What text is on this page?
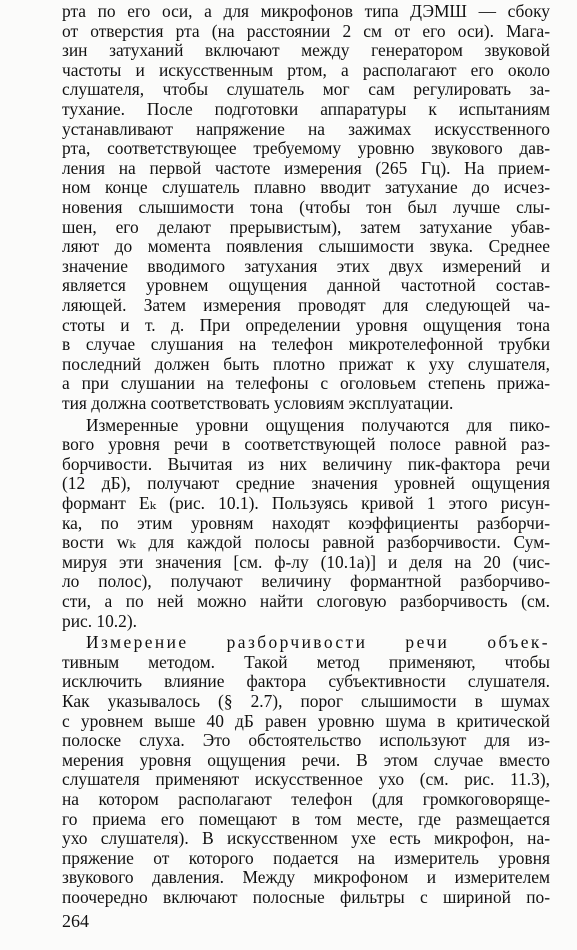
рта по его оси, а для микрофонов типа ДЭМШ — сбоку
от отверстия рта (на расстоянии 2 см от его оси). Мага-
зин затуханий включают между генератором звуковой
частоты и искусственным ртом, а располагают его около
слушателя, чтобы слушатель мог сам регулировать за-
тухание. После подготовки аппаратуры к испытаниям
устанавливают напряжение на зажимах искусственного
рта, соответствующее требуемому уровню звукового дав-
ления на первой частоте измерения (265 Гц). На прием-
ном конце слушатель плавно вводит затухание до исчез-
новения слышимости тона (чтобы тон был лучше слы-
шен, его делают прерывистым), затем затухание убав-
ляют до момента появления слышимости звука. Среднее
значение вводимого затухания этих двух измерений и
является уровнем ощущения данной частотной состав-
ляющей. Затем измерения проводят для следующей ча-
стоты и т. д. При определении уровня ощущения тона
в случае слушания на телефон микротелефонной трубки
последний должен быть плотно прижат к уху слушателя,
а при слушании на телефоны с оголовьем степень прижа-
тия должна соответствовать условиям эксплуатации.
Измеренные уровни ощущения получаются для пико-
вого уровня речи в соответствующей полосе равной раз-
борчивости. Вычитая из них величину пик-фактора речи
(12 дБ), получают средние значения уровней ощущения
формант Eₖ (рис. 10.1). Пользуясь кривой 1 этого рисун-
ка, по этим уровням находят коэффициенты разборчи-
вости wₖ для каждой полосы равной разборчивости. Сум-
мируя эти значения [см. ф-лу (10.1а)] и деля на 20 (чис-
ло полос), получают величину формантной разборчиво-
сти, а по ней можно найти слоговую разборчивость (см.
рис. 10.2).
Измерение разборчивости речи объек-
тивным методом. Такой метод применяют, чтобы
исключить влияние фактора субъективности слушателя.
Как указывалось (§ 2.7), порог слышимости в шумах
с уровнем выше 40 дБ равен уровню шума в критической
полоске слуха. Это обстоятельство используют для из-
мерения уровня ощущения речи. В этом случае вместо
слушателя применяют искусственное ухо (см. рис. 11.3),
на котором располагают телефон (для громкоговоряще-
го приема его помещают в том месте, где размещается
ухо слушателя). В искусственном ухе есть микрофон, на-
пряжение от которого подается на измеритель уровня
звукового давления. Между микрофоном и измерителем
поочередно включают полосные фильтры с шириной по-
264
